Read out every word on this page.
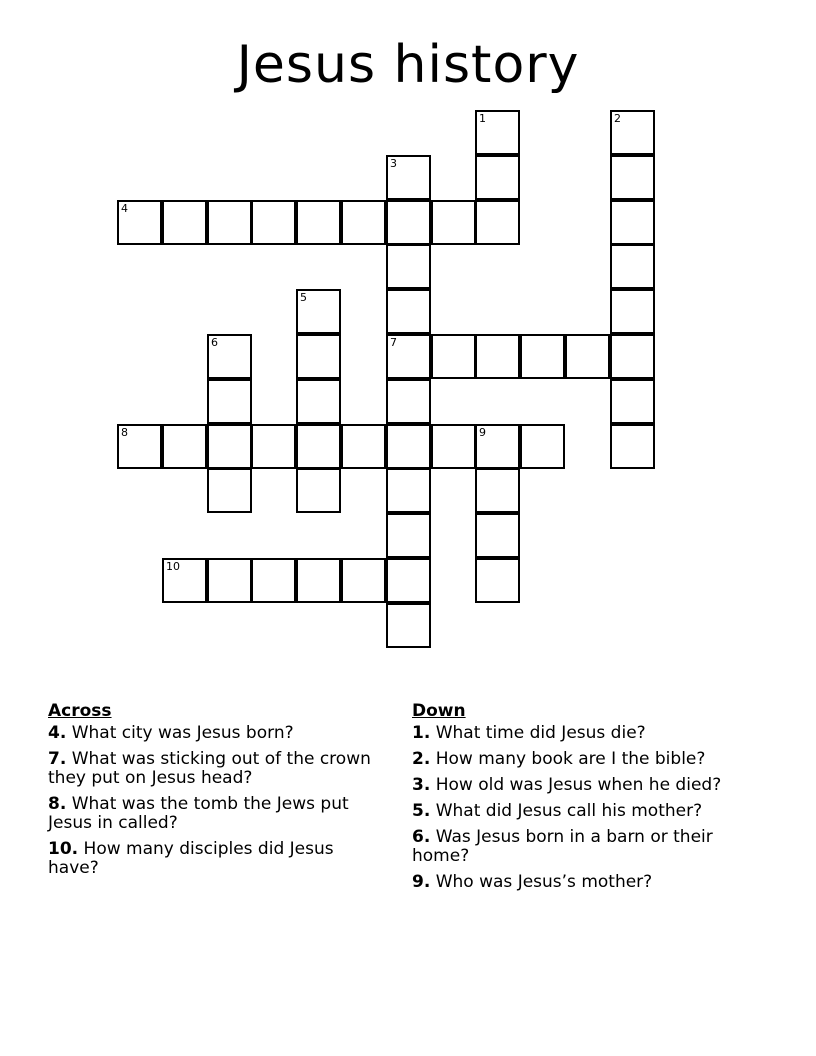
Jesus history
1	2
3
4
5
6	7
8	9
10
Across
4. What city was Jesus born?
7. What was sticking out of the crown they put on Jesus head?
8. What was the tomb the Jews put Jesus in called?
10. How many disciples did Jesus have?
Down
1. What time did Jesus die?
2. How many book are I the bible?
3. How old was Jesus when he died?
5. What did Jesus call his mother?
6. Was Jesus born in a barn or their home?
9. Who was Jesus’s mother?
